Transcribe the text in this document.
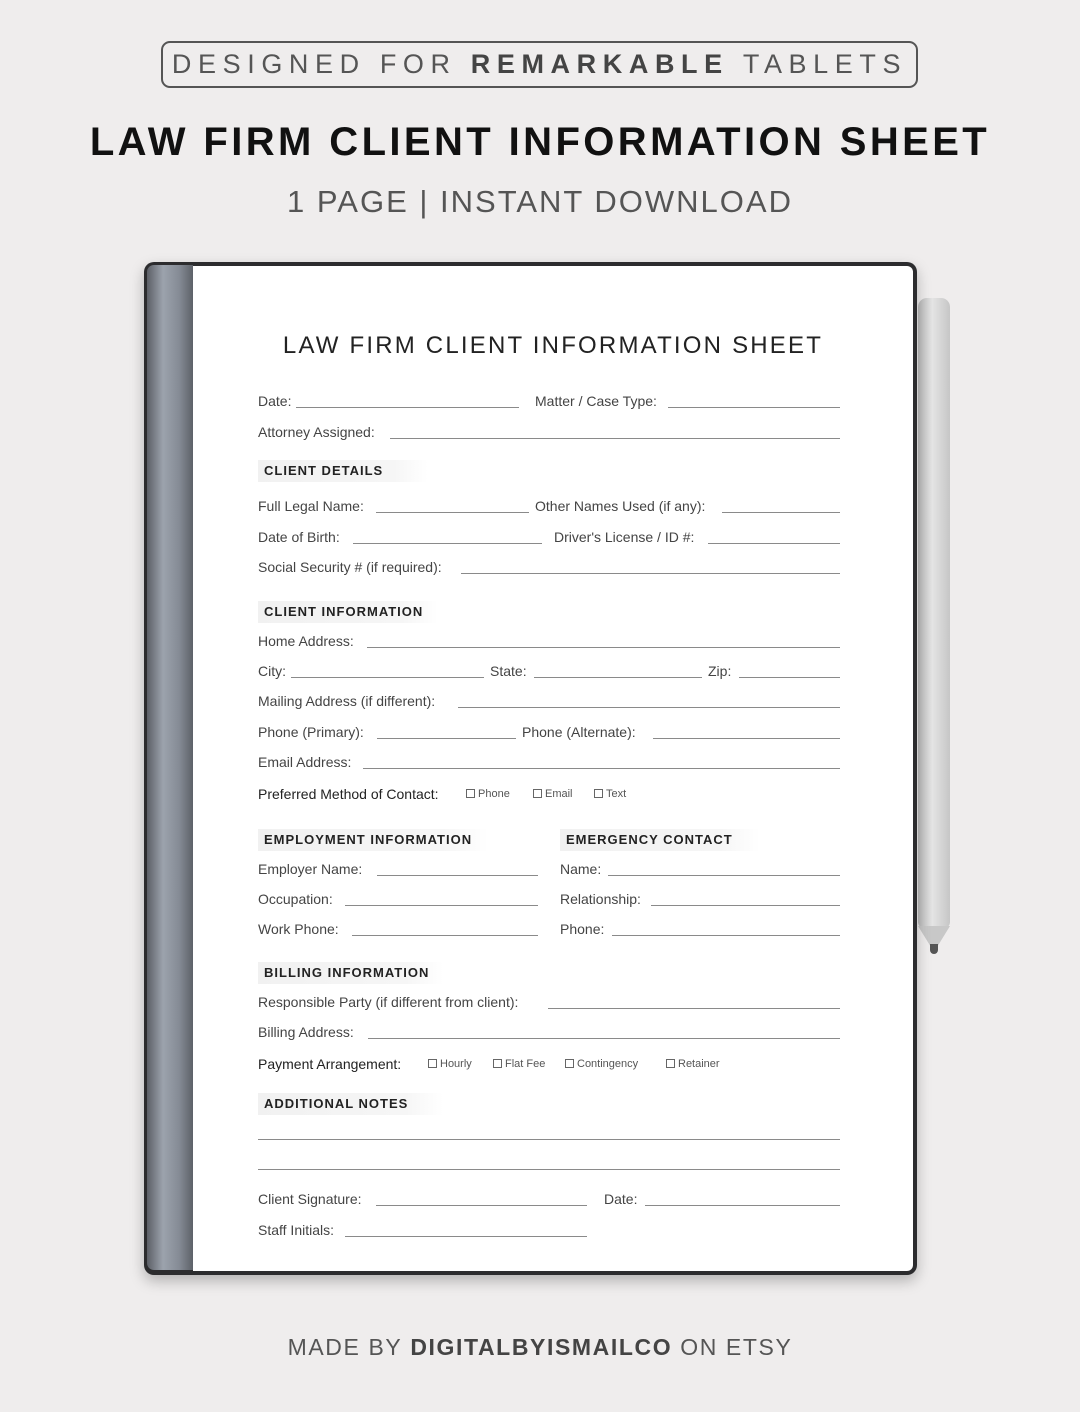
DESIGNED FOR
REMARKABLE
TABLETS
LAW FIRM CLIENT INFORMATION SHEET
1 PAGE | INSTANT DOWNLOAD
LAW FIRM CLIENT INFORMATION SHEET
Date:	Matter / Case Type:
Attorney Assigned:
CLIENT DETAILS
Full Legal Name:	Other Names Used (if any):
Date of Birth:	Driver's License / ID #:
Social Security # (if required):
CLIENT INFORMATION
Home Address:
City:	State:	Zip:
Mailing Address (if different):
Phone (Primary):	Phone (Alternate):
Email Address:
Preferred Method of Contact:	Phone	Email	Text
EMPLOYMENT INFORMATION	EMERGENCY CONTACT
Employer Name:	Name:
Occupation:	Relationship:
Work Phone:	Phone:
BILLING INFORMATION
Responsible Party (if different from client):
Billing Address:
Payment Arrangement:	Hourly	Flat Fee	Contingency	Retainer
ADDITIONAL NOTES
Client Signature:	Date:
Staff Initials:
MADE BY DIGITALBYISMAILCO ON ETSY
